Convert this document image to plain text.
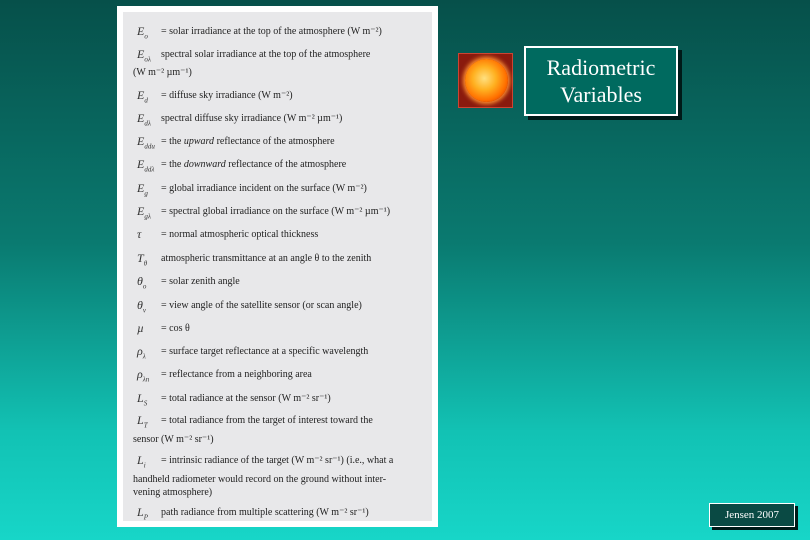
$E_o$ = solar irradiance at the top of the atmosphere (W m⁻²)
$E_{o\lambda}$ spectral solar irradiance at the top of the atmosphere
(W m⁻² µm⁻¹)
$E_d$ = diffuse sky irradiance (W m⁻²)
$E_{d\lambda}$ spectral diffuse sky irradiance (W m⁻² µm⁻¹)
$E_{ddu}$ = the upward reflectance of the atmosphere
$E_{dd\lambda}$ = the downward reflectance of the atmosphere
$E_g$ = global irradiance incident on the surface (W m⁻²)
$E_{g\lambda}$ = spectral global irradiance on the surface (W m⁻² µm⁻¹)
τ = normal atmospheric optical thickness
$T_\theta$ atmospheric transmittance at an angle θ to the zenith
$\theta_o$ = solar zenith angle
$\theta_v$ = view angle of the satellite sensor (or scan angle)
µ = cos θ
$\rho_\lambda$ = surface target reflectance at a specific wavelength
$\rho_{\lambda n}$ = reflectance from a neighboring area
$L_S$ = total radiance at the sensor (W m⁻² sr⁻¹)
$L_T$ = total radiance from the target of interest toward the
sensor (W m⁻² sr⁻¹)
$L_i$ = intrinsic radiance of the target (W m⁻² sr⁻¹) (i.e., what a
handheld radiometer would record on the ground without inter-
vening atmosphere)
$L_P$ path radiance from multiple scattering (W m⁻² sr⁻¹)
Radiometric
Variables
Jensen 2007
